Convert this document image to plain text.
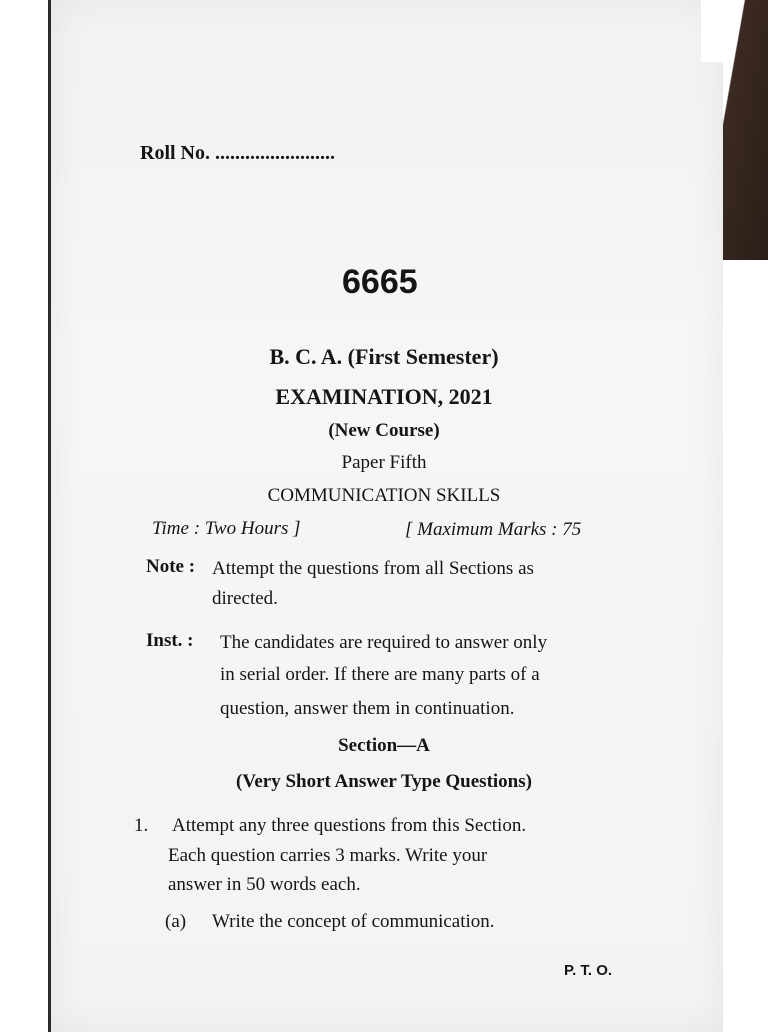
Roll No. ........................
6665
B. C. A. (First Semester)
EXAMINATION, 2021
(New Course)
Paper Fifth
COMMUNICATION SKILLS
Time : Two Hours ]	[ Maximum Marks : 75
Note : Attempt the questions from all Sections as
directed.
Inst. : The candidates are required to answer only
in serial order. If there are many parts of a
question, answer them in continuation.
Section—A
(Very Short Answer Type Questions)
1. Attempt any three questions from this Section.
Each question carries 3 marks. Write your
answer in 50 words each.
(a) Write the concept of communication.
P. T. O.
